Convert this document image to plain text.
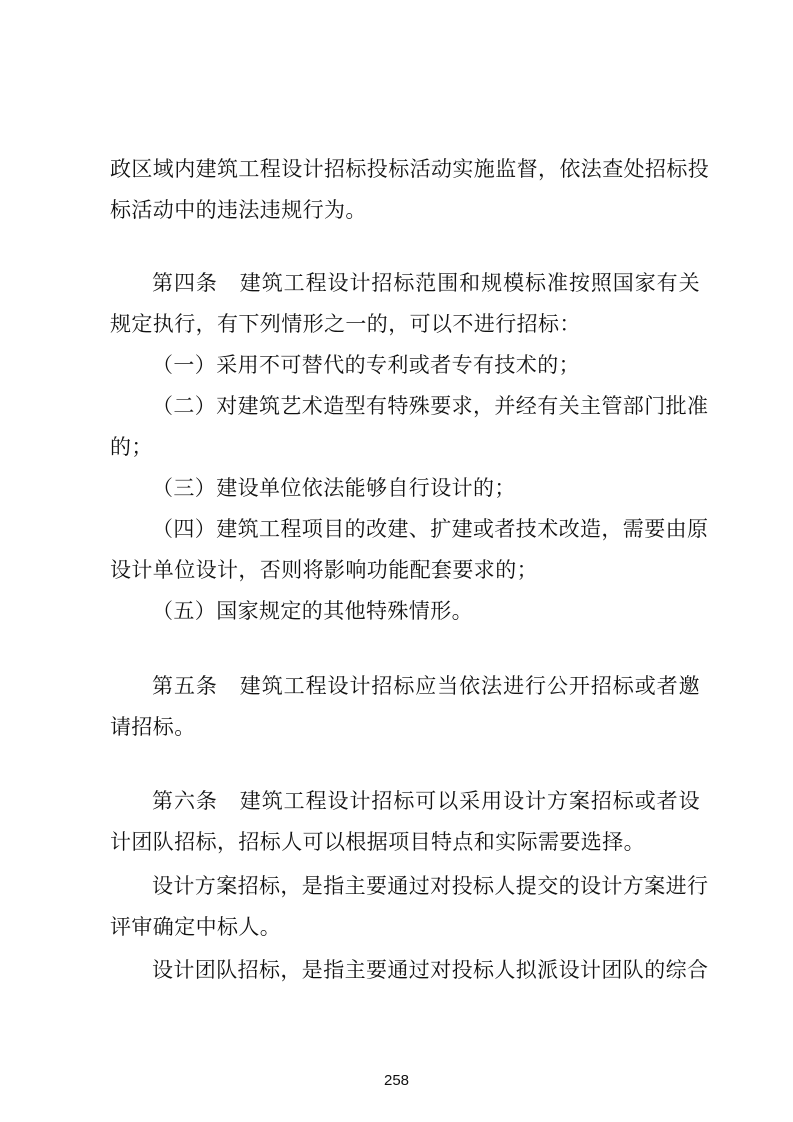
政区域内建筑工程设计招标投标活动实施监督，依法查处招标投
标活动中的违法违规行为。
第四条　建筑工程设计招标范围和规模标准按照国家有关
规定执行，有下列情形之一的，可以不进行招标：
（一）采用不可替代的专利或者专有技术的；
（二）对建筑艺术造型有特殊要求，并经有关主管部门批准
的；
（三）建设单位依法能够自行设计的；
（四）建筑工程项目的改建、扩建或者技术改造，需要由原
设计单位设计，否则将影响功能配套要求的；
（五）国家规定的其他特殊情形。
第五条　建筑工程设计招标应当依法进行公开招标或者邀
请招标。
第六条　建筑工程设计招标可以采用设计方案招标或者设
计团队招标，招标人可以根据项目特点和实际需要选择。
设计方案招标，是指主要通过对投标人提交的设计方案进行
评审确定中标人。
设计团队招标，是指主要通过对投标人拟派设计团队的综合
258
